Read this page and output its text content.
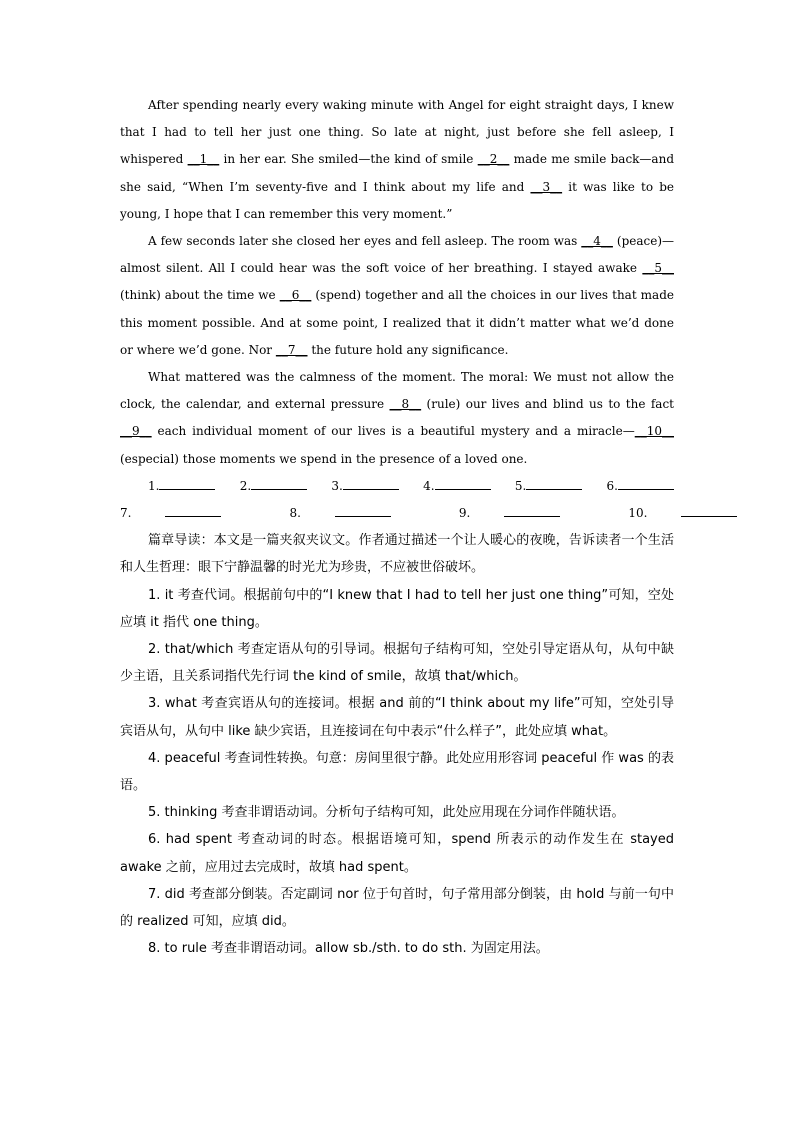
After spending nearly every waking minute with Angel for eight straight days, I knew that I had to tell her just one thing. So late at night, just before she fell asleep, I whispered __1__ in her ear. She smiled—the kind of smile __2__ made me smile back—and she said, “When I’m seventy-five and I think about my life and __3__ it was like to be young, I hope that I can remember this very moment.”

A few seconds later she closed her eyes and fell asleep. The room was __4__ (peace)—almost silent. All I could hear was the soft voice of her breathing. I stayed awake __5__ (think) about the time we __6__ (spend) together and all the choices in our lives that made this moment possible. And at some point, I realized that it didn’t matter what we’d done or where we’d gone. Nor __7__ the future hold any significance.

What mattered was the calmness of the moment. The moral: We must not allow the clock, the calendar, and external pressure __8__ (rule) our lives and blind us to the fact __9__ each individual moment of our lives is a beautiful mystery and a miracle—__10__ (especial) those moments we spend in the presence of a loved one.

1.	2.	3.	4.	5.	6.
7.	8.	9.	10.

篇章导读：本文是一篇夹叙夹议文。作者通过描述一个让人暖心的夜晚，告诉读者一个生活和人生哲理：眼下宁静温馨的时光尤为珍贵，不应被世俗破坏。

1. it 考查代词。根据前句中的“I knew that I had to tell her just one thing”可知，空处应填 it 指代 one thing。

2. that/which 考查定语从句的引导词。根据句子结构可知，空处引导定语从句，从句中缺少主语，且关系词指代先行词 the kind of smile，故填 that/which。

3. what 考查宾语从句的连接词。根据 and 前的“I think about my life”可知，空处引导宾语从句，从句中 like 缺少宾语，且连接词在句中表示“什么样子”，此处应填 what。

4. peaceful 考查词性转换。句意：房间里很宁静。此处应用形容词 peaceful 作 was 的表语。

5. thinking 考查非谓语动词。分析句子结构可知，此处应用现在分词作伴随状语。

6. had spent 考查动词的时态。根据语境可知，spend 所表示的动作发生在 stayed awake 之前，应用过去完成时，故填 had spent。

7. did 考查部分倒装。否定副词 nor 位于句首时，句子常用部分倒装，由 hold 与前一句中的 realized 可知，应填 did。

8. to rule 考查非谓语动词。allow sb./sth. to do sth. 为固定用法。
